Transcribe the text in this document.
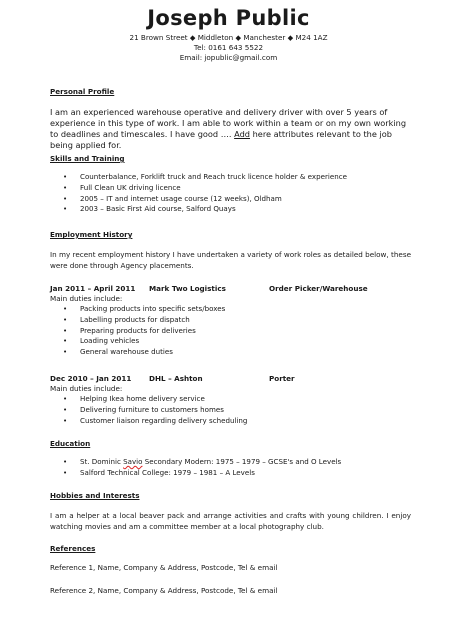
Joseph Public
21 Brown Street ◆ Middleton ◆ Manchester ◆ M24 1AZ
Tel: 0161 643 5522
Email: jopublic@gmail.com
Personal Profile
I am an experienced warehouse operative and delivery driver with over 5 years of experience in this type of work. I am able to work within a team or on my own working to deadlines and timescales. I have good …. Add here attributes relevant to the job being applied for.
Skills and Training
• Counterbalance, Forklift truck and Reach truck licence holder & experience
• Full Clean UK driving licence
• 2005 – IT and internet usage course (12 weeks), Oldham
• 2003 – Basic First Aid course, Salford Quays
Employment History
In my recent employment history I have undertaken a variety of work roles as detailed below, these were done through Agency placements.
Jan 2011 – April 2011	Mark Two Logistics	Order Picker/Warehouse
Main duties include:
• Packing products into specific sets/boxes
• Labelling products for dispatch
• Preparing products for deliveries
• Loading vehicles
• General warehouse duties
Dec 2010 – Jan 2011	DHL – Ashton	Porter
Main duties include:
• Helping Ikea home delivery service
• Delivering furniture to customers homes
• Customer liaison regarding delivery scheduling
Education
• St. Dominic Savio Secondary Modern: 1975 – 1979 – GCSE's and O Levels
• Salford Technical College: 1979 – 1981 – A Levels
Hobbies and Interests
I am a helper at a local beaver pack and arrange activities and crafts with young children. I enjoy watching movies and am a committee member at a local photography club.
References
Reference 1, Name, Company & Address, Postcode, Tel & email
Reference 2, Name, Company & Address, Postcode, Tel & email
